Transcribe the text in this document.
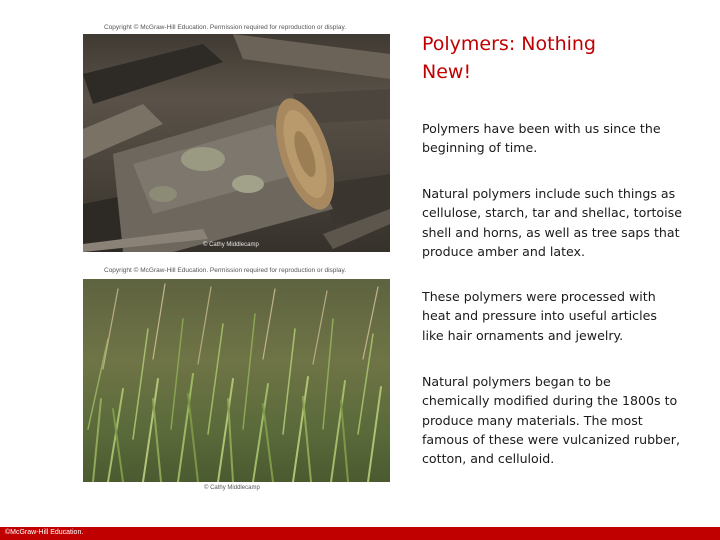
Copyright © McGraw-Hill Education. Permission required for reproduction or display.
© Cathy Middlecamp
Copyright © McGraw-Hill Education. Permission required for reproduction or display.
© Cathy Middlecamp
Polymers: Nothing New!

Polymers have been with us since the beginning of time.

Natural polymers include such things as cellulose, starch, tar and shellac, tortoise shell and horns, as well as tree saps that produce amber and latex.

These polymers were processed with heat and pressure into useful articles like hair ornaments and jewelry.

Natural polymers began to be chemically modified during the 1800s to produce many materials. The most famous of these were vulcanized rubber, cotton, and celluloid.

©McGraw-Hill Education.
